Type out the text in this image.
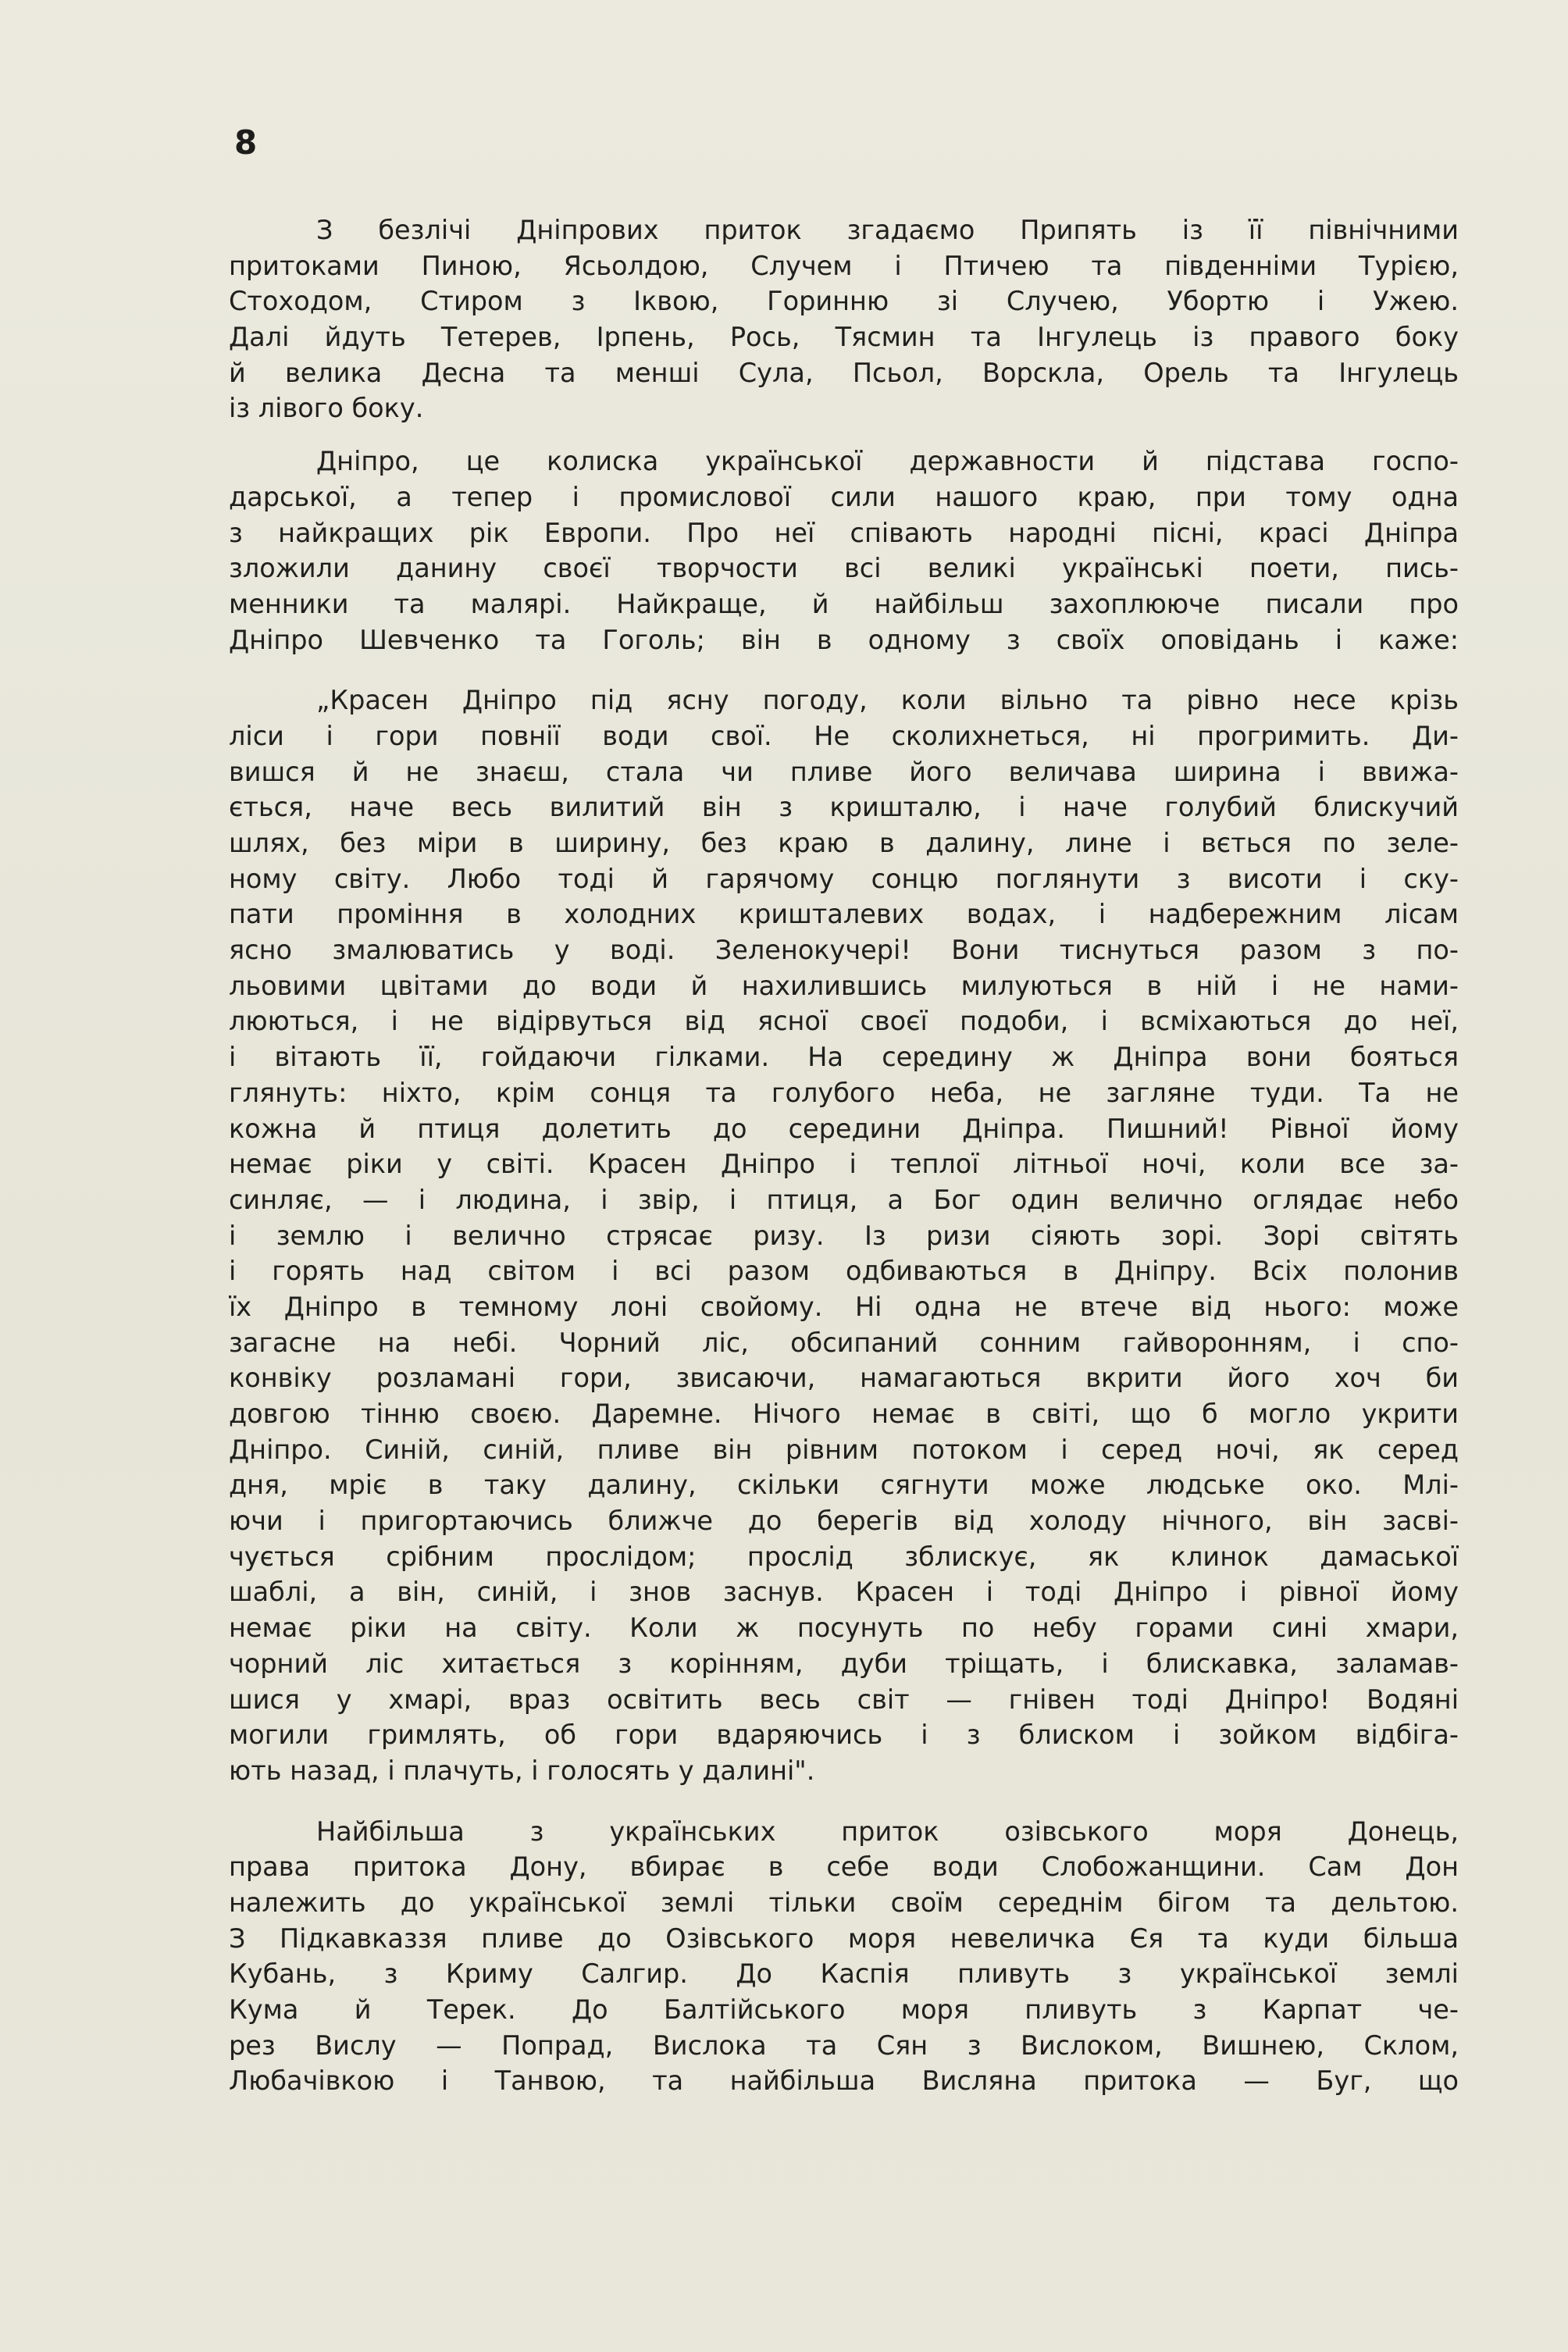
8
З безлічі Дніпрових приток згадаємо Припять із її північними
притоками Пиною, Ясьолдою, Случем і Птичею та південніми Турією,
Стоходом, Стиром з Іквою, Горинню зі Случею, Убортю і Ужею.
Далі йдуть Тетерев, Ірпень, Рось, Тясмин та Інгулець із правого боку
й велика Десна та менші Сула, Псьол, Ворскла, Орель та Інгулець
із лівого боку.
Дніпро, це колиска української державности й підстава госпо-
дарської, а тепер і промислової сили нашого краю, при тому одна
з найкращих рік Европи. Про неї співають народні пісні, красі Дніпра
зложили данину своєї творчости всі великі українські поети, пись-
менники та малярі. Найкраще, й найбільш захоплююче писали про
Дніпро Шевченко та Гоголь; він в одному з своїх оповідань і каже:
„Красен Дніпро під ясну погоду, коли вільно та рівно несе крізь
ліси і гори повнії води свої. Не сколихнеться, ні прогримить. Ди-
вишся й не знаєш, стала чи пливе його величава ширина і ввижа-
ється, наче весь вилитий він з кришталю, і наче голубий блискучий
шлях, без міри в ширину, без краю в далину, лине і вється по зеле-
ному світу. Любо тоді й гарячому сонцю поглянути з висоти і ску-
пати проміння в холодних кришталевих водах, і надбережним лісам
ясно змалюватись у воді. Зеленокучері! Вони тиснуться разом з по-
льовими цвітами до води й нахилившись милуються в ній і не нами-
люються, і не відірвуться від ясної своєї подоби, і всміхаються до неї,
і вітають її, гойдаючи гілками. На середину ж Дніпра вони бояться
глянуть: ніхто, крім сонця та голубого неба, не загляне туди. Та не
кожна й птиця долетить до середини Дніпра. Пишний! Рівної йому
немає ріки у світі. Красен Дніпро і теплої літньої ночі, коли все за-
синляє, — і людина, і звір, і птиця, а Бог один велично оглядає небо
і землю і велично стрясає ризу. Із ризи сіяють зорі. Зорі світять
і горять над світом і всі разом одбиваються в Дніпру. Всіх полонив
їх Дніпро в темному лоні свойому. Ні одна не втече від нього: може
загасне на небі. Чорний ліс, обсипаний сонним гайворонням, і спо-
конвіку розламані гори, звисаючи, намагаються вкрити його хоч би
довгою тінню своєю. Даремне. Нічого немає в світі, що б могло укрити
Дніпро. Синій, синій, пливе він рівним потоком і серед ночі, як серед
дня, мріє в таку далину, скільки сягнути може людське око. Млі-
ючи і пригортаючись ближче до берегів від холоду нічного, він засві-
чується срібним прослідом; прослід зблискує, як клинок дамаської
шаблі, а він, синій, і знов заснув. Красен і тоді Дніпро і рівної йому
немає ріки на світу. Коли ж посунуть по небу горами сині хмари,
чорний ліс хитається з корінням, дуби тріщать, і блискавка, заламав-
шися у хмарі, враз освітить весь світ — гнівен тоді Дніпро! Водяні
могили гримлять, об гори вдаряючись і з блиском і зойком відбіга-
ють назад, і плачуть, і голосять у далині".
Найбільша з українських приток озівського моря Донець,
права притока Дону, вбирає в себе води Слобожанщини. Сам Дон
належить до української землі тільки своїм середнім бігом та дельтою.
З Підкавказзя пливе до Озівського моря невеличка Єя та куди більша
Кубань, з Криму Салгир. До Каспія пливуть з української землі
Кума й Терек. До Балтійського моря пливуть з Карпат че-
рез Вислу — Попрад, Вислока та Сян з Вислоком, Вишнею, Склом,
Любачівкою і Танвою, та найбільша Висляна притока — Буг, що
